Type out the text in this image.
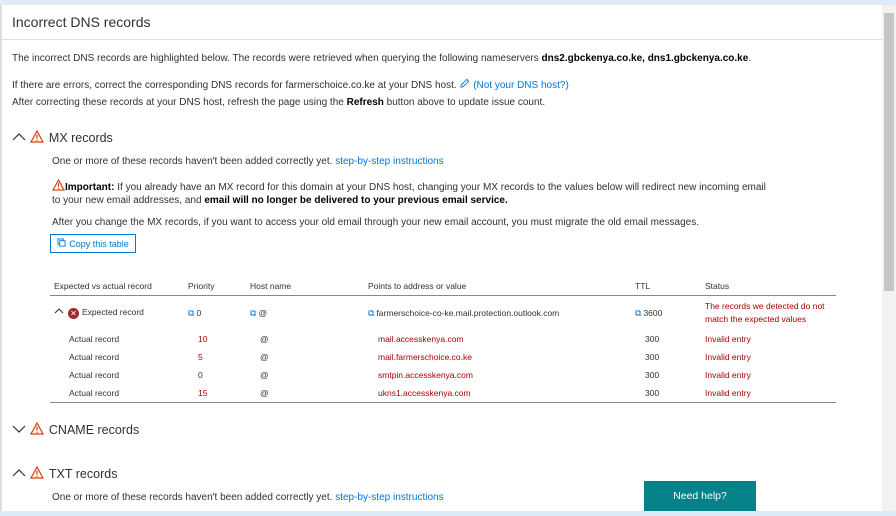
Incorrect DNS records
The incorrect DNS records are highlighted below. The records were retrieved when querying the following nameservers dns2.gbckenya.co.ke, dns1.gbckenya.co.ke.
If there are errors, correct the corresponding DNS records for farmerschoice.co.ke at your DNS host. (Not your DNS host?)
After correcting these records at your DNS host, refresh the page using the Refresh button above to update issue count.
MX records
One or more of these records haven't been added correctly yet. step-by-step instructions
Important: If you already have an MX record for this domain at your DNS host, changing your MX records to the values below will redirect new incoming email
to your new email addresses, and email will no longer be delivered to your previous email service.
After you change the MX records, if you want to access your old email through your new email account, you must migrate the old email messages.
Copy this table
Expected vs actual record	Priority	Host name	Points to address or value	TTL	Status
✕ Expected record	⧉ 0	⧉ @	⧉ farmerschoice-co-ke.mail.protection.outlook.com	⧉ 3600	The records we detected do not match the expected values
Actual record	10	@	mail.accesskenya.com	300	Invalid entry
Actual record	5	@	mail.farmerschoice.co.ke	300	Invalid entry
Actual record	0	@	smtpin.accesskenya.com	300	Invalid entry
Actual record	15	@	ukns1.accesskenya.com	300	Invalid entry
CNAME records
TXT records
One or more of these records haven't been added correctly yet. step-by-step instructions	Need help?
